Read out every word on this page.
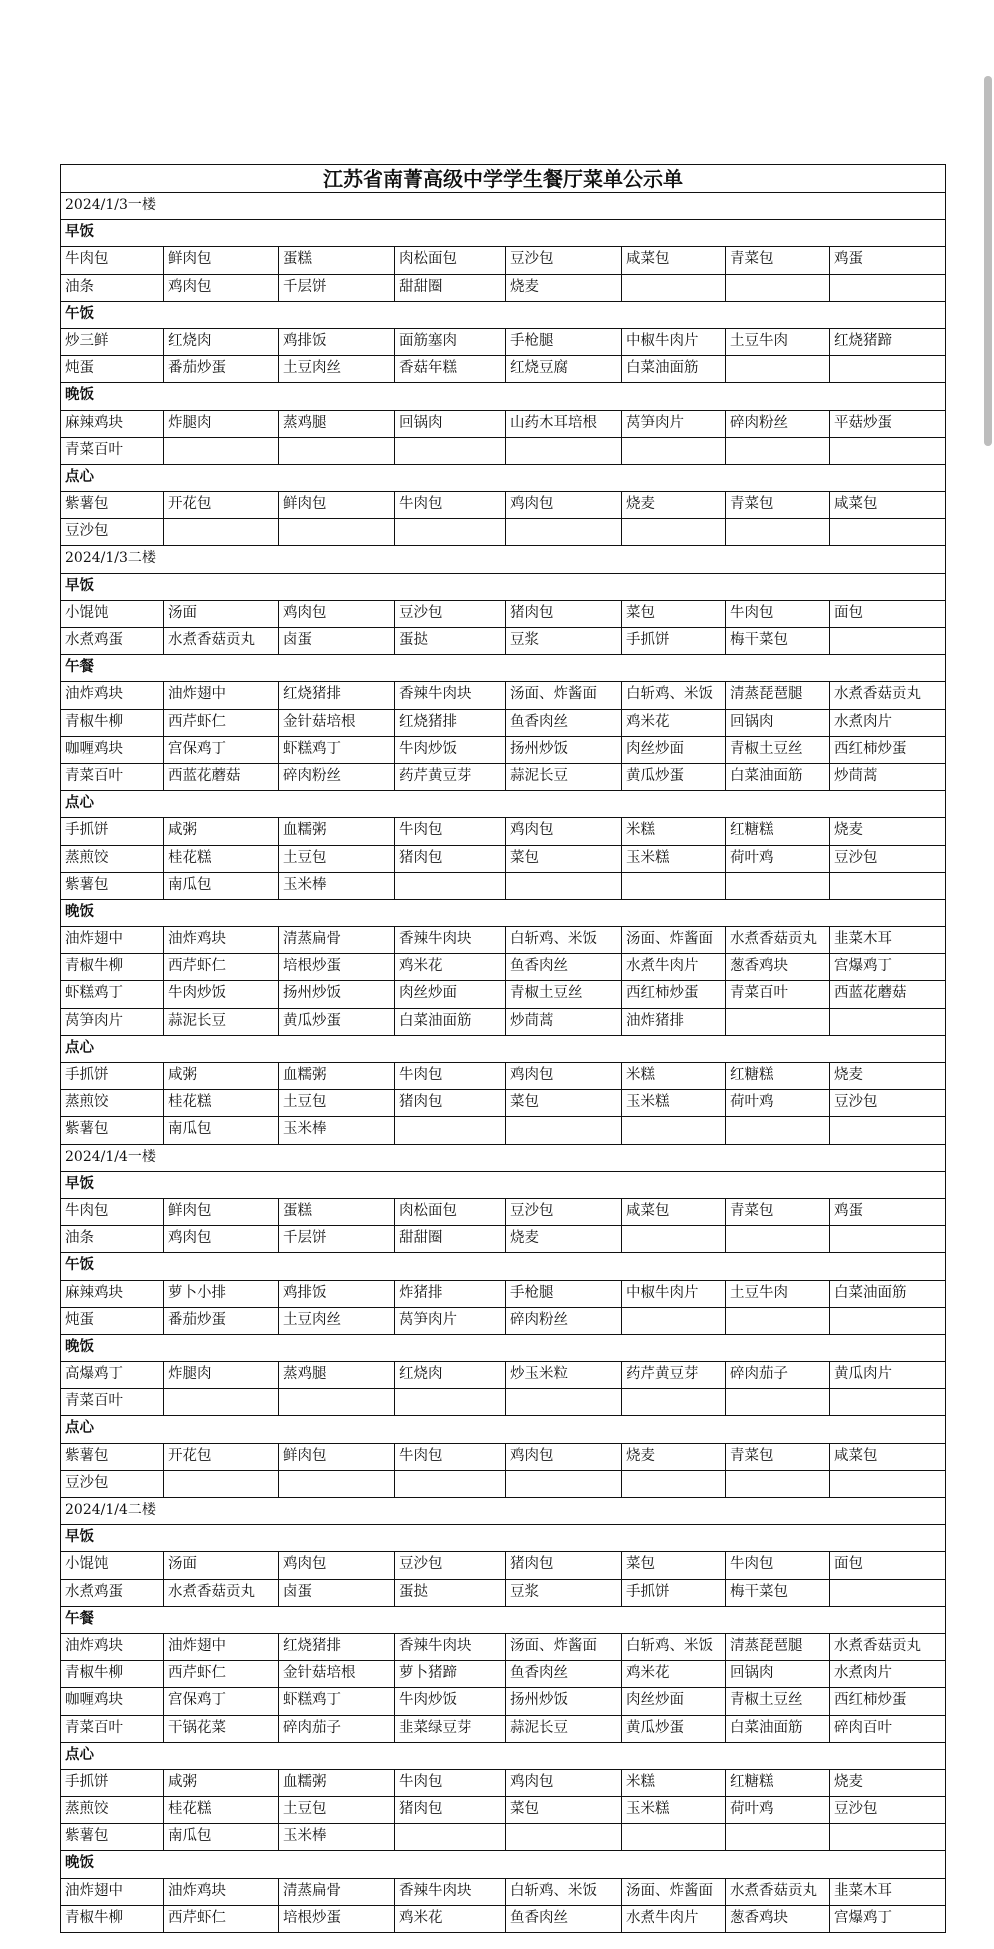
江苏省南菁高级中学学生餐厅菜单公示单
2024/1/3一楼
早饭
牛肉包	鲜肉包	蛋糕	肉松面包	豆沙包	咸菜包	青菜包	鸡蛋
油条	鸡肉包	千层饼	甜甜圈	烧麦
午饭
炒三鲜	红烧肉	鸡排饭	面筋塞肉	手枪腿	中椒牛肉片	土豆牛肉	红烧猪蹄
炖蛋	番茄炒蛋	土豆肉丝	香菇年糕	红烧豆腐	白菜油面筋
晚饭
麻辣鸡块	炸腿肉	蒸鸡腿	回锅肉	山药木耳培根	莴笋肉片	碎肉粉丝	平菇炒蛋
青菜百叶
点心
紫薯包	开花包	鲜肉包	牛肉包	鸡肉包	烧麦	青菜包	咸菜包
豆沙包
2024/1/3二楼
早饭
小馄饨	汤面	鸡肉包	豆沙包	猪肉包	菜包	牛肉包	面包
水煮鸡蛋	水煮香菇贡丸	卤蛋	蛋挞	豆浆	手抓饼	梅干菜包
午餐
油炸鸡块	油炸翅中	红烧猪排	香辣牛肉块	汤面、炸酱面	白斩鸡、米饭	清蒸琵琶腿	水煮香菇贡丸
青椒牛柳	西芹虾仁	金针菇培根	红烧猪排	鱼香肉丝	鸡米花	回锅肉	水煮肉片
咖喱鸡块	宫保鸡丁	虾糕鸡丁	牛肉炒饭	扬州炒饭	肉丝炒面	青椒土豆丝	西红柿炒蛋
青菜百叶	西蓝花蘑菇	碎肉粉丝	药芹黄豆芽	蒜泥长豆	黄瓜炒蛋	白菜油面筋	炒茼蒿
点心
手抓饼	咸粥	血糯粥	牛肉包	鸡肉包	米糕	红糖糕	烧麦
蒸煎饺	桂花糕	土豆包	猪肉包	菜包	玉米糕	荷叶鸡	豆沙包
紫薯包	南瓜包	玉米棒
晚饭
油炸翅中	油炸鸡块	清蒸扁骨	香辣牛肉块	白斩鸡、米饭	汤面、炸酱面	水煮香菇贡丸	韭菜木耳
青椒牛柳	西芹虾仁	培根炒蛋	鸡米花	鱼香肉丝	水煮牛肉片	葱香鸡块	宫爆鸡丁
虾糕鸡丁	牛肉炒饭	扬州炒饭	肉丝炒面	青椒土豆丝	西红柿炒蛋	青菜百叶	西蓝花蘑菇
莴笋肉片	蒜泥长豆	黄瓜炒蛋	白菜油面筋	炒茼蒿	油炸猪排
点心
手抓饼	咸粥	血糯粥	牛肉包	鸡肉包	米糕	红糖糕	烧麦
蒸煎饺	桂花糕	土豆包	猪肉包	菜包	玉米糕	荷叶鸡	豆沙包
紫薯包	南瓜包	玉米棒
2024/1/4一楼
早饭
牛肉包	鲜肉包	蛋糕	肉松面包	豆沙包	咸菜包	青菜包	鸡蛋
油条	鸡肉包	千层饼	甜甜圈	烧麦
午饭
麻辣鸡块	萝卜小排	鸡排饭	炸猪排	手枪腿	中椒牛肉片	土豆牛肉	白菜油面筋
炖蛋	番茄炒蛋	土豆肉丝	莴笋肉片	碎肉粉丝
晚饭
高爆鸡丁	炸腿肉	蒸鸡腿	红烧肉	炒玉米粒	药芹黄豆芽	碎肉茄子	黄瓜肉片
青菜百叶
点心
紫薯包	开花包	鲜肉包	牛肉包	鸡肉包	烧麦	青菜包	咸菜包
豆沙包
2024/1/4二楼
早饭
小馄饨	汤面	鸡肉包	豆沙包	猪肉包	菜包	牛肉包	面包
水煮鸡蛋	水煮香菇贡丸	卤蛋	蛋挞	豆浆	手抓饼	梅干菜包
午餐
油炸鸡块	油炸翅中	红烧猪排	香辣牛肉块	汤面、炸酱面	白斩鸡、米饭	清蒸琵琶腿	水煮香菇贡丸
青椒牛柳	西芹虾仁	金针菇培根	萝卜猪蹄	鱼香肉丝	鸡米花	回锅肉	水煮肉片
咖喱鸡块	宫保鸡丁	虾糕鸡丁	牛肉炒饭	扬州炒饭	肉丝炒面	青椒土豆丝	西红柿炒蛋
青菜百叶	干锅花菜	碎肉茄子	韭菜绿豆芽	蒜泥长豆	黄瓜炒蛋	白菜油面筋	碎肉百叶
点心
手抓饼	咸粥	血糯粥	牛肉包	鸡肉包	米糕	红糖糕	烧麦
蒸煎饺	桂花糕	土豆包	猪肉包	菜包	玉米糕	荷叶鸡	豆沙包
紫薯包	南瓜包	玉米棒
晚饭
油炸翅中	油炸鸡块	清蒸扁骨	香辣牛肉块	白斩鸡、米饭	汤面、炸酱面	水煮香菇贡丸	韭菜木耳
青椒牛柳	西芹虾仁	培根炒蛋	鸡米花	鱼香肉丝	水煮牛肉片	葱香鸡块	宫爆鸡丁
